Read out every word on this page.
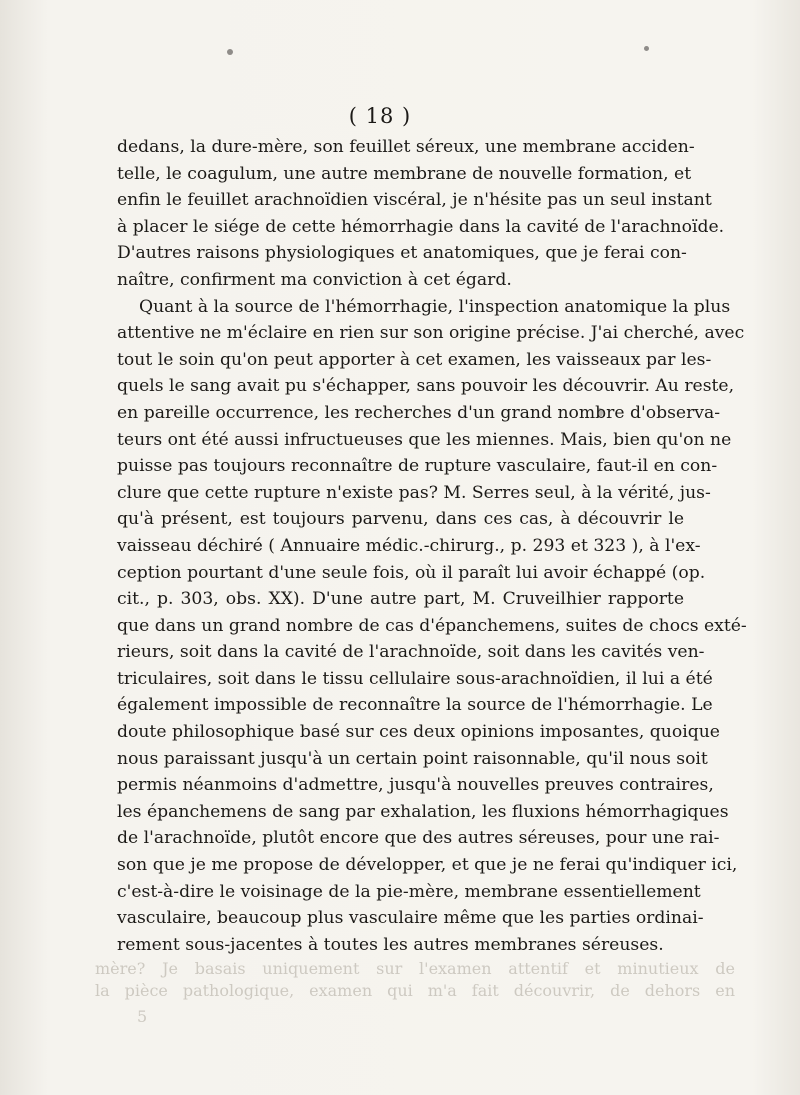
( 18 )
dedans, la dure-mère, son feuillet séreux, une membrane acciden-
telle, le coagulum, une autre membrane de nouvelle formation, et
enfin le feuillet arachnoïdien viscéral, je n'hésite pas un seul instant
à placer le siége de cette hémorrhagie dans la cavité de l'arachnoïde.
D'autres raisons physiologiques et anatomiques, que je ferai con-
naître, confirment ma conviction à cet égard.
Quant à la source de l'hémorrhagie, l'inspection anatomique la plus
attentive ne m'éclaire en rien sur son origine précise. J'ai cherché, avec
tout le soin qu'on peut apporter à cet examen, les vaisseaux par les-
quels le sang avait pu s'échapper, sans pouvoir les découvrir. Au reste,
en pareille occurrence, les recherches d'un grand nombre d'observa-
teurs ont été aussi infructueuses que les miennes. Mais, bien qu'on ne
puisse pas toujours reconnaître de rupture vasculaire, faut-il en con-
clure que cette rupture n'existe pas? M. Serres seul, à la vérité, jus-
qu'à présent, est toujours parvenu, dans ces cas, à découvrir le
vaisseau déchiré ( Annuaire médic.-chirurg., p. 293 et 323 ), à l'ex-
ception pourtant d'une seule fois, où il paraît lui avoir échappé (op.
cit., p. 303, obs. XX). D'une autre part, M. Cruveilhier rapporte
que dans un grand nombre de cas d'épanchemens, suites de chocs exté-
rieurs, soit dans la cavité de l'arachnoïde, soit dans les cavités ven-
triculaires, soit dans le tissu cellulaire sous-arachnoïdien, il lui a été
également impossible de reconnaître la source de l'hémorrhagie. Le
doute philosophique basé sur ces deux opinions imposantes, quoique
nous paraissant jusqu'à un certain point raisonnable, qu'il nous soit
permis néanmoins d'admettre, jusqu'à nouvelles preuves contraires,
les épanchemens de sang par exhalation, les fluxions hémorrhagiques
de l'arachnoïde, plutôt encore que des autres séreuses, pour une rai-
son que je me propose de développer, et que je ne ferai qu'indiquer ici,
c'est-à-dire le voisinage de la pie-mère, membrane essentiellement
vasculaire, beaucoup plus vasculaire même que les parties ordinai-
rement sous-jacentes à toutes les autres membranes séreuses.
mère? Je basais uniquement sur l'examen attentif et minutieux de
la pièce pathologique, examen qui m'a fait découvrir, de dehors en
5
